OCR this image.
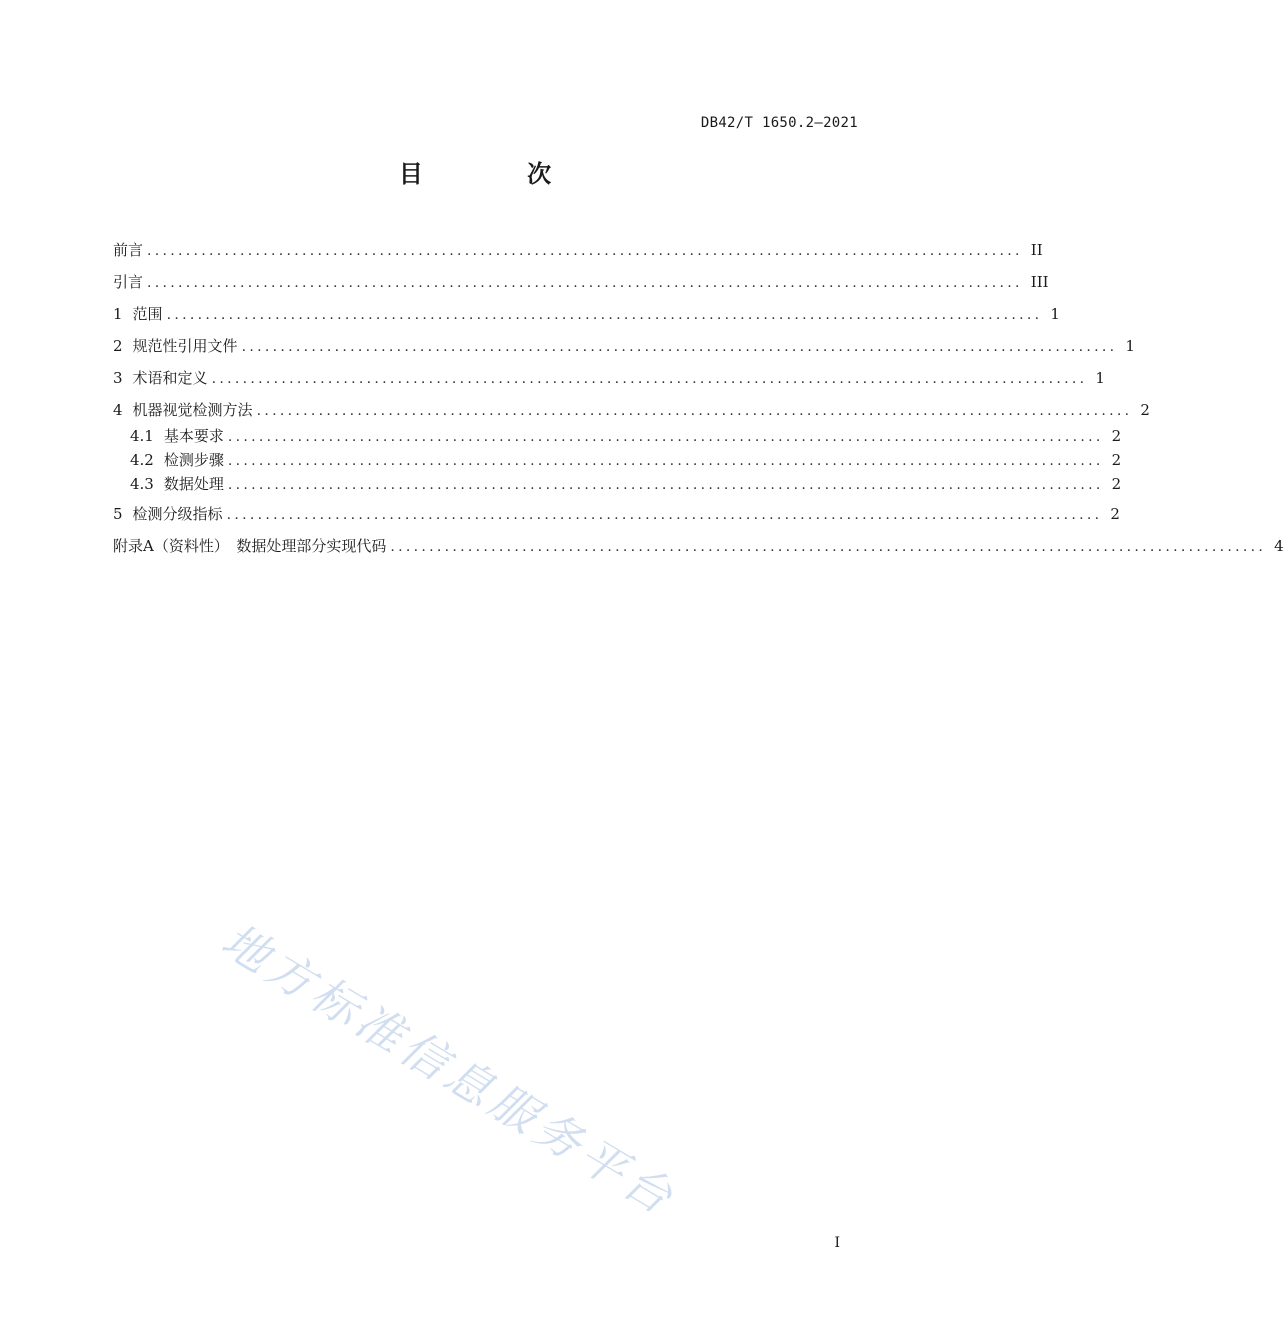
DB42/T 1650.2—2021
目 次
前言 ................................................................................................................. II
引言 ................................................................................................................. III
1 范围 ................................................................................................................. 1
2 规范性引用文件 ................................................................................................................. 1
3 术语和定义 ................................................................................................................. 1
4 机器视觉检测方法 ................................................................................................................. 2
4.1 基本要求 ................................................................................................................. 2
4.2 检测步骤 ................................................................................................................. 2
4.3 数据处理 ................................................................................................................. 2
5 检测分级指标 ................................................................................................................. 2
附录A（资料性）　数据处理部分实现代码 ................................................................................................................. 4
地方标准信息服务平台
I
